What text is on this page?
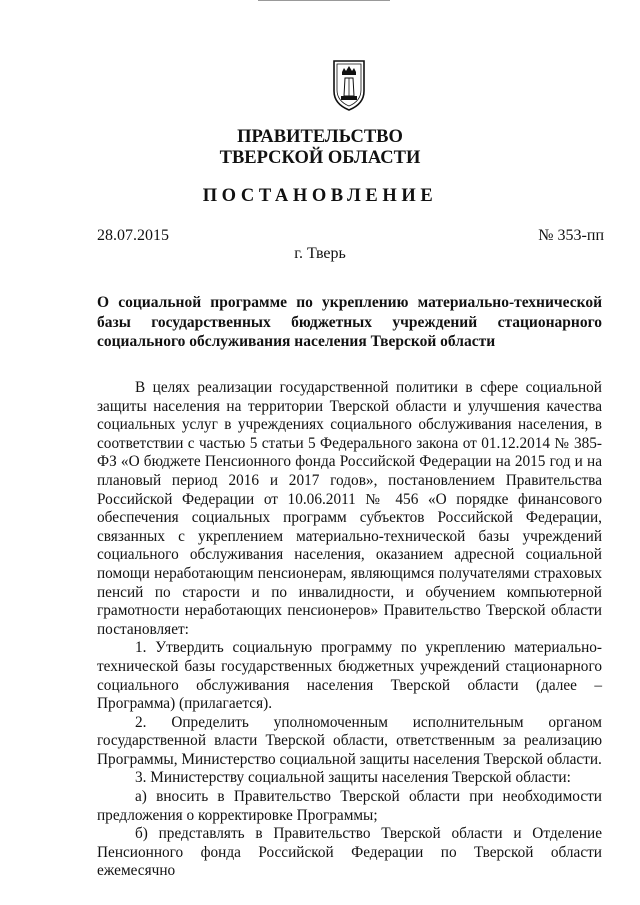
ПРАВИТЕЛЬСТВО
ТВЕРСКОЙ ОБЛАСТИ
ПОСТАНОВЛЕНИЕ
28.07.2015	№ 353-пп
г. Тверь
О социальной программе по укреплению материально-технической базы государственных бюджетных учреждений стационарного социального обслуживания населения Тверской области

В целях реализации государственной политики в сфере социальной защиты населения на территории Тверской области и улучшения качества социальных услуг в учреждениях социального обслуживания населения, в соответствии с частью 5 статьи 5 Федерального закона от 01.12.2014 № 385-ФЗ «О бюджете Пенсионного фонда Российской Федерации на 2015 год и на плановый период 2016 и 2017 годов», постановлением Правительства Российской Федерации от 10.06.2011 № 456 «О порядке финансового обеспечения социальных программ субъектов Российской Федерации, связанных с укреплением материально-технической базы учреждений социального обслуживания населения, оказанием адресной социальной помощи неработающим пенсионерам, являющимся получателями страховых пенсий по старости и по инвалидности, и обучением компьютерной грамотности неработающих пенсионеров» Правительство Тверской области постановляет:

1. Утвердить социальную программу по укреплению материально-технической базы государственных бюджетных учреждений стационарного социального обслуживания населения Тверской области (далее – Программа) (прилагается).

2. Определить уполномоченным исполнительным органом государственной власти Тверской области, ответственным за реализацию Программы, Министерство социальной защиты населения Тверской области.

3. Министерству социальной защиты населения Тверской области:

а) вносить в Правительство Тверской области при необходимости предложения о корректировке Программы;

б) представлять в Правительство Тверской области и Отделение Пенсионного фонда Российской Федерации по Тверской области ежемесячно
